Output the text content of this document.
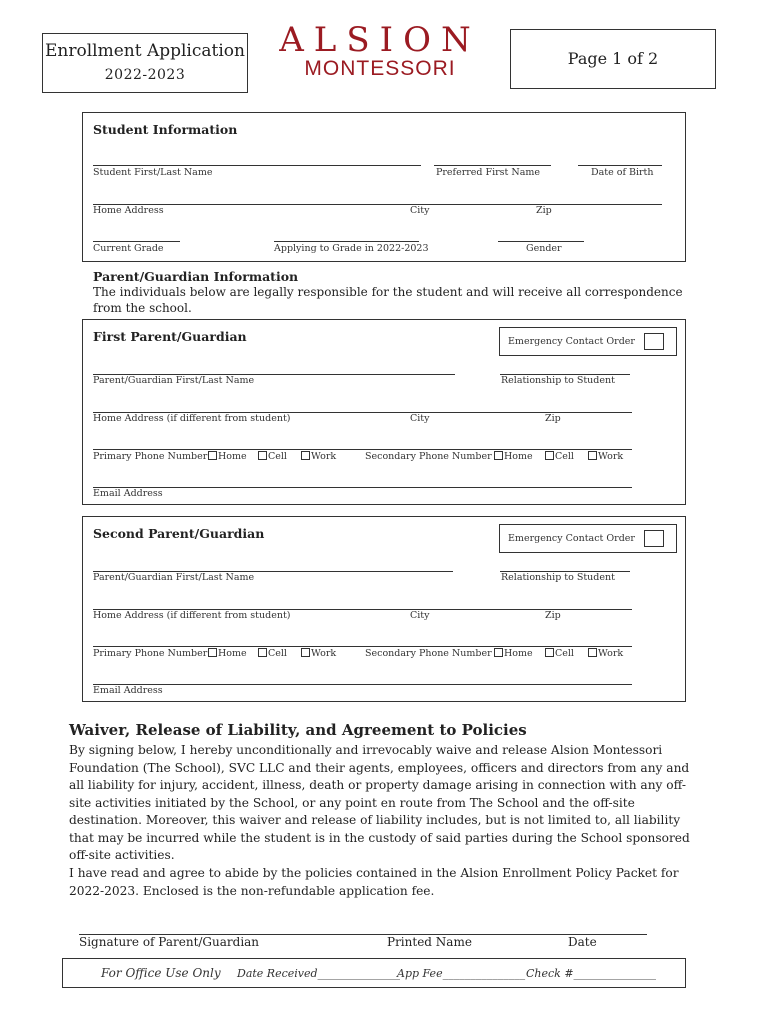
Enrollment Application
2022-2023
ALSION
MONTESSORI	Page 1 of 2
Student Information
Student First/Last Name	Preferred First Name	Date of Birth
Home Address	City	Zip
Current Grade	Applying to Grade in 2022-2023	Gender
Parent/Guardian Information
The individuals below are legally responsible for the student and will receive all correspondence from the school.
First Parent/Guardian	Emergency Contact Order
Parent/Guardian First/Last Name	Relationship to Student
Home Address (if different from student)	City	Zip
Primary Phone Number	Home	Cell	Work	Secondary Phone Number	Home	Cell	Work
Email Address
Second Parent/Guardian	Emergency Contact Order
Parent/Guardian First/Last Name	Relationship to Student
Home Address (if different from student)	City	Zip
Primary Phone Number	Home	Cell	Work	Secondary Phone Number	Home	Cell	Work
Email Address
Waiver, Release of Liability, and Agreement to Policies
By signing below, I hereby unconditionally and irrevocably waive and release Alsion Montessori Foundation (The School), SVC LLC and their agents, employees, officers and directors from any and all liability for injury, accident, illness, death or property damage arising in connection with any off-site activities initiated by the School, or any point en route from The School and the off-site destination. Moreover, this waiver and release of liability includes, but is not limited to, all liability that may be incurred while the student is in the custody of said parties during the School sponsored off-site activities.
I have read and agree to abide by the policies contained in the Alsion Enrollment Policy Packet for 2022-2023. Enclosed is the non-refundable application fee.
Signature of Parent/Guardian	Printed Name	Date
For Office Use Only Date Received_______________
App Fee_______________ Check #_______________
